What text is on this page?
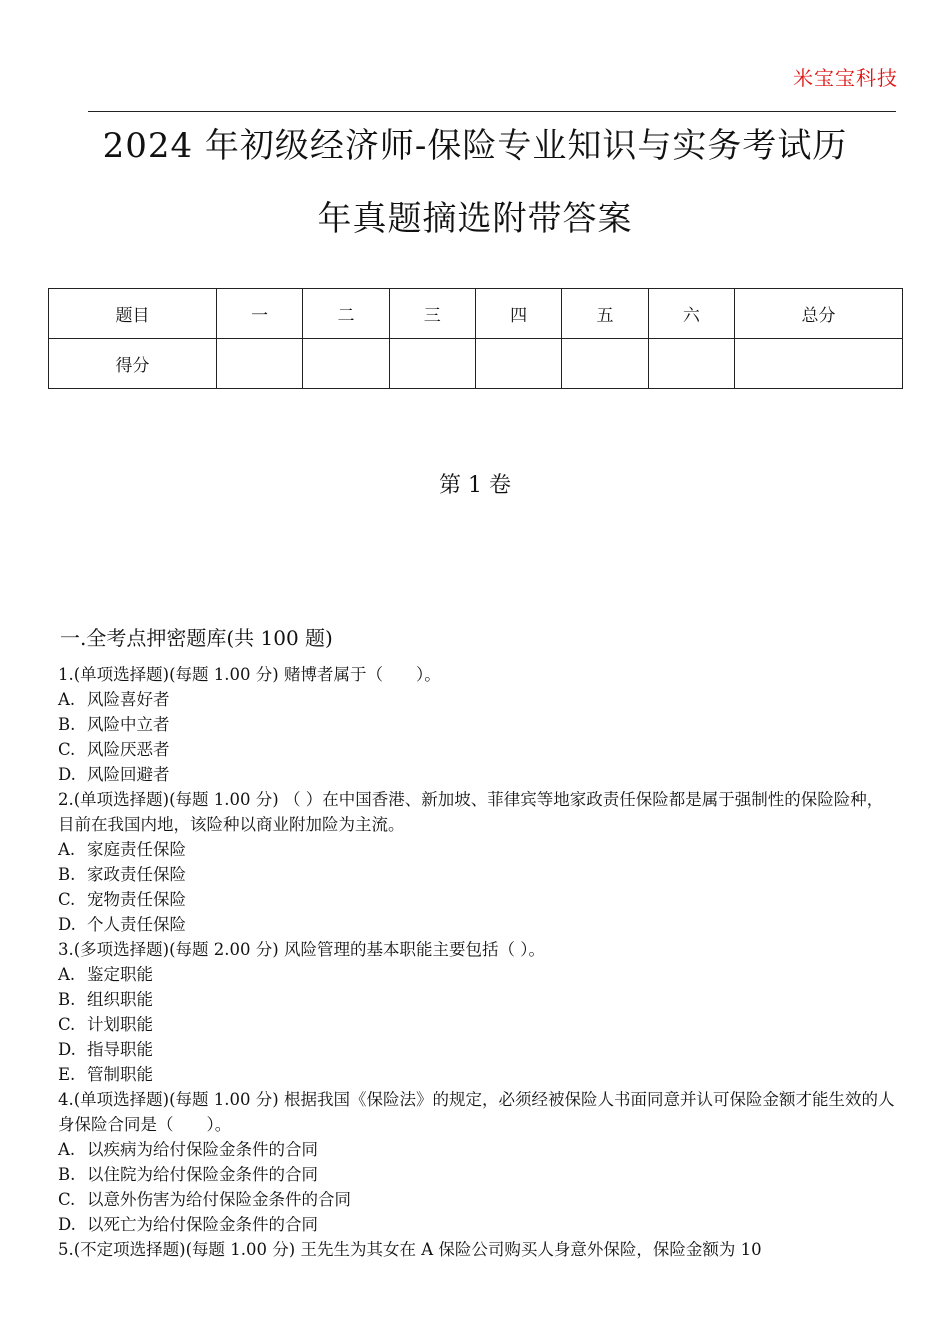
米宝宝科技
2024 年初级经济师-保险专业知识与实务考试历
年真题摘选附带答案
题目	一	二	三	四	五	六	总分
得分							
第 1 卷
一.全考点押密题库(共 100 题)

1.(单项选择题)(每题 1.00 分) 赌博者属于（　　）。

A. 风险喜好者

B. 风险中立者

C. 风险厌恶者

D. 风险回避者

2.(单项选择题)(每题 1.00 分) （ ）在中国香港、新加坡、菲律宾等地家政责任保险都是属于强制性的保险险种，目前在我国内地，该险种以商业附加险为主流。

A. 家庭责任保险

B. 家政责任保险

C. 宠物责任保险

D. 个人责任保险

3.(多项选择题)(每题 2.00 分) 风险管理的基本职能主要包括（ ）。

A. 鉴定职能

B. 组织职能

C. 计划职能

D. 指导职能

E. 管制职能

4.(单项选择题)(每题 1.00 分) 根据我国《保险法》的规定，必须经被保险人书面同意并认可保险金额才能生效的人身保险合同是（　　）。

A. 以疾病为给付保险金条件的合同

B. 以住院为给付保险金条件的合同

C. 以意外伤害为给付保险金条件的合同

D. 以死亡为给付保险金条件的合同

5.(不定项选择题)(每题 1.00 分) 王先生为其女在 A 保险公司购买人身意外保险，保险金额为 10
